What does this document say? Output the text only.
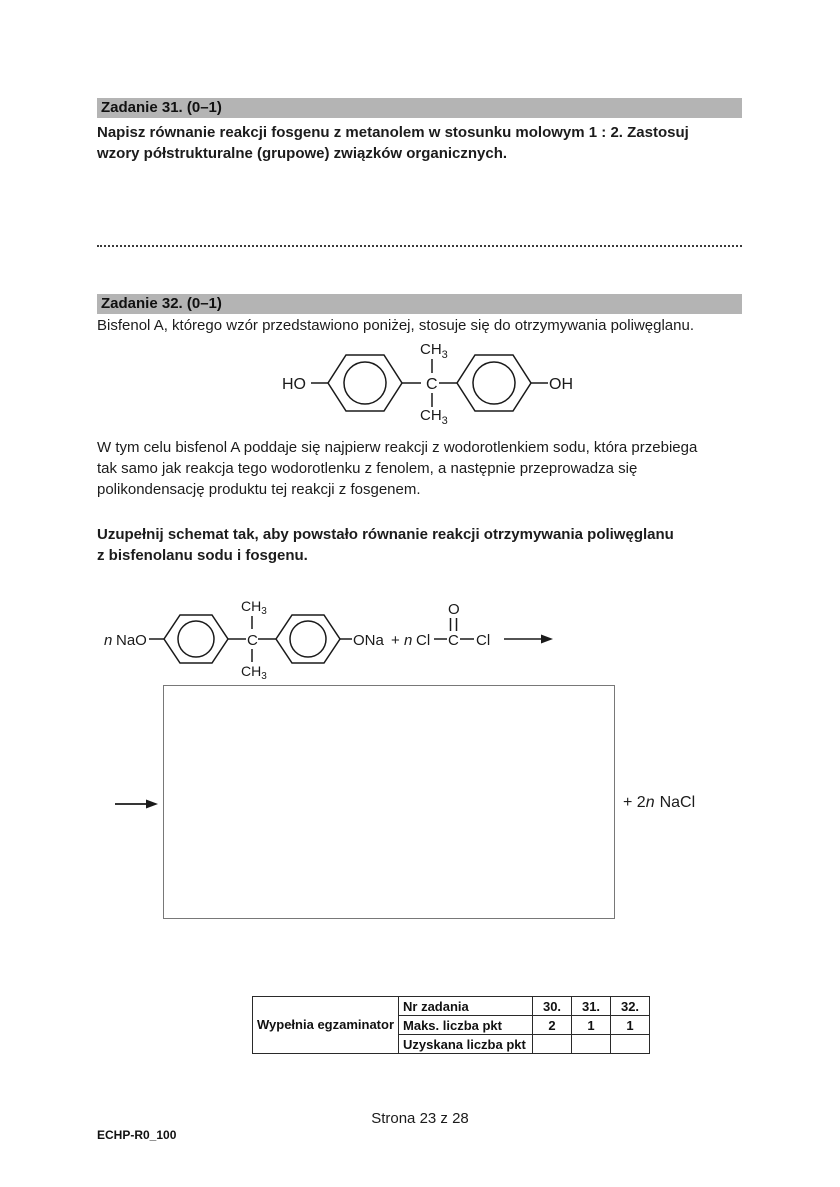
Zadanie 31. (0–1)
Napisz równanie reakcji fosgenu z metanolem w stosunku molowym 1 : 2. Zastosuj
wzory półstrukturalne (grupowe) związków organicznych.
Zadanie 32. (0–1)
Bisfenol A, którego wzór przedstawiono poniżej, stosuje się do otrzymywania poliwęglanu.
HO	C
$CH_3$
$CH_3$
OH
W tym celu bisfenol A poddaje się najpierw reakcji z wodorotlenkiem sodu, która przebiega
tak samo jak reakcja tego wodorotlenku z fenolem, a następnie przeprowadza się
polikondensację produktu tej reakcji z fosgenem.
Uzupełnij schemat tak, aby powstało równanie reakcji otrzymywania poliwęglanu
z bisfenolanu sodu i fosgenu.
n NaO	C
$CH_3$
$CH_3$
ONa + n Cl C
O
Cl
+ 2 n NaCl
Wypełnia egzaminator	Nr zadania	30.	31.	32.
	Maks. liczba pkt	2	1	1
	Uzyskana liczba pkt			
Strona 23 z 28
ECHP-R0_100
